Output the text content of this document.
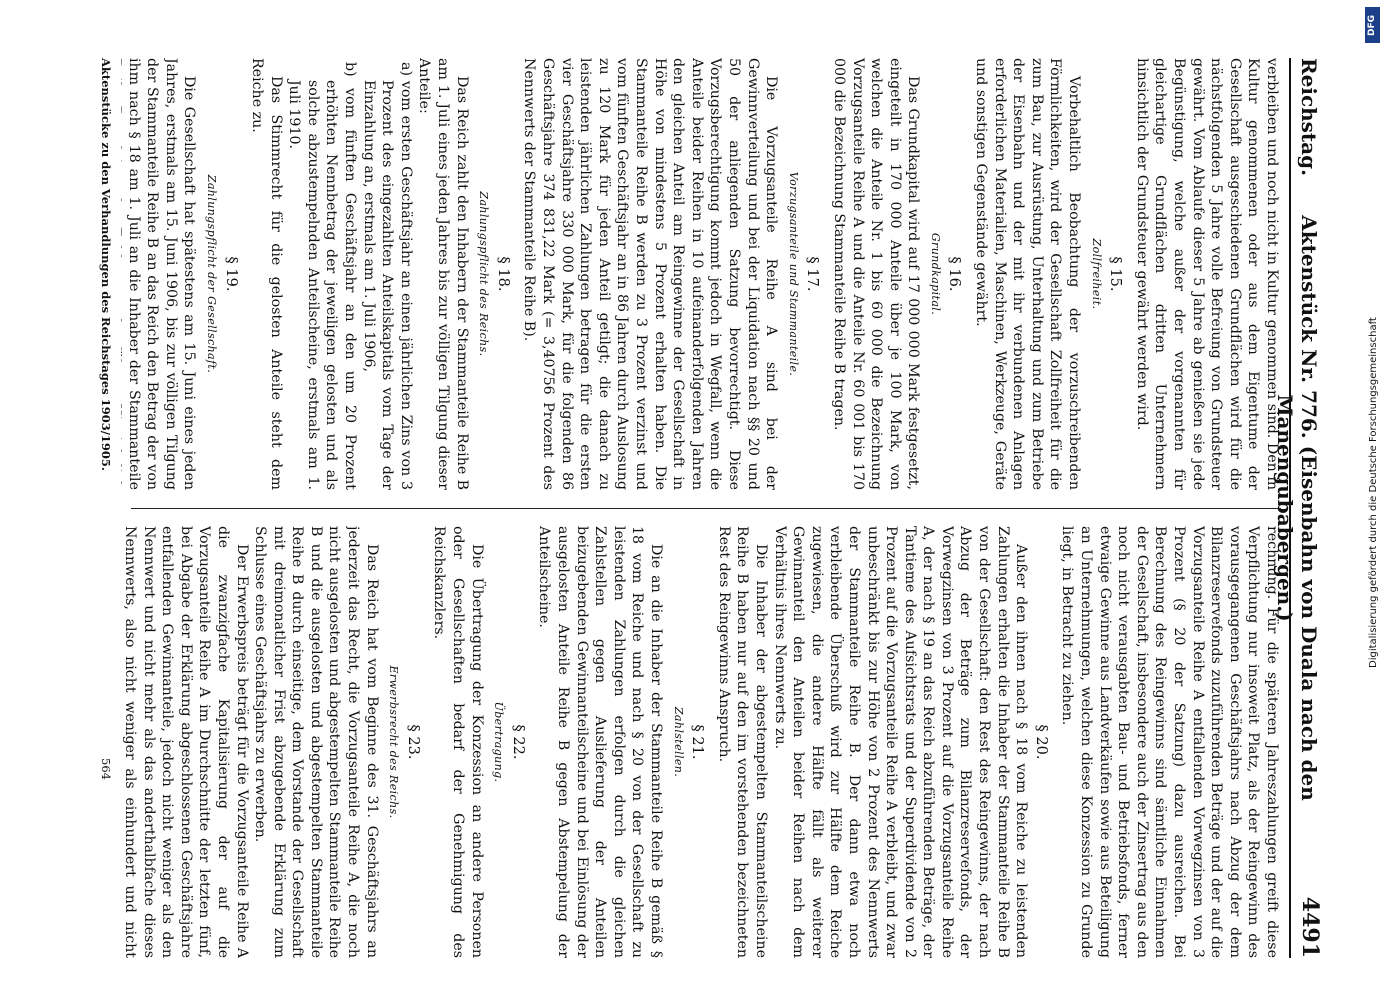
Reichstag.
Aktenstück Nr. 776. (Eisenbahn von Duala nach den Manengubabergen.)
4491

verbleiben und noch nicht in Kultur genommen sind. Den in Kultur genommenen oder aus dem Eigentume der Gesellschaft ausgeschiedenen Grundflächen wird für die nächstfolgenden 5 Jahre volle Befreiung von Grundsteuer gewährt. Vom Ablaufe dieser 5 Jahre ab genießen sie jede Begünstigung, welche außer der vorgenannten für gleichartige Grundflächen dritten Unternehmern hinsichtlich der Grundsteuer gewährt werden wird.

§ 15.
Zollfreiheit.

Vorbehaltlich Beobachtung der vorzuschreibenden Förmlichkeiten, wird der Gesellschaft Zollfreiheit für die zum Bau, zur Ausrüstung, Unterhaltung und zum Betriebe der Eisenbahn und der mit ihr verbundenen Anlagen erforderlichen Materialien, Maschinen, Werkzeuge, Geräte und sonstigen Gegenstände gewährt.

§ 16.
Grundkapital.

Das Grundkapital wird auf 17 000 000 Mark festgesetzt, eingeteilt in 170 000 Anteile über je 100 Mark, von welchen die Anteile Nr. 1 bis 60 000 die Bezeichnung Vorzugsanteile Reihe A und die Anteile Nr. 60 001 bis 170 000 die Bezeichnung Stammanteile Reihe B tragen.

§ 17.
Vorzugsanteile und Stammanteile.

Die Vorzugsanteile Reihe A sind bei der Gewinnverteilung und bei der Liquidation nach §§ 20 und 50 der anliegenden Satzung bevorrechtigt. Diese Vorzugsberechtigung kommt jedoch in Wegfall, wenn die Anteile beider Reihen in 10 aufeinanderfolgenden Jahren den gleichen Anteil am Reingewinne der Gesellschaft in Höhe von mindestens 5 Prozent erhalten haben. Die Stammanteile Reihe B werden zu 3 Prozent verzinst und vom fünften Geschäftsjahr an in 86 Jahren durch Auslosung zu 120 Mark für jeden Anteil getilgt; die danach zu leistenden jährlichen Zahlungen betragen für die ersten vier Geschäftsjahre 330 000 Mark, für die folgenden 86 Geschäftsjahre 374 831,22 Mark (= 3,40756 Prozent des Nennwerts der Stammanteile Reihe B).

§ 18.
Zahlungspflicht des Reichs.

Das Reich zahlt den Inhabern der Stammanteile Reihe B am 1. Juli eines jeden Jahres bis zur völligen Tilgung dieser Anteile:

a) vom ersten Geschäftsjahr an einen jährlichen Zins von 3 Prozent des eingezahlten Anteilskapitals vom Tage der Einzahlung an, erstmals am 1. Juli 1906,

b) vom fünften Geschäftsjahr an den um 20 Prozent erhöhten Nennbetrag der jeweiligen gelosten und als solche abzustempelnden Anteilscheine, erstmals am 1. Juli 1910.

Das Stimmrecht für die gelosten Anteile steht dem Reiche zu.

§ 19.
Zahlungspflicht der Gesellschaft.

Die Gesellschaft hat spätestens am 15. Juni eines jeden Jahres, erstmals am 15. Juni 1906, bis zur völligen Tilgung der Stammanteile Reihe B an das Reich den Betrag der von ihm nach § 18 am 1. Juli an die Inhaber der Stammanteile

rechnung. Für die späteren Jahreszahlungen greift diese Verpflichtung nur insoweit Platz, als der Reingewinn des vorausgegangenen Geschäftsjahrs nach Abzug der dem Bilanzreservefonds zuzuführenden Beträge und der auf die Vorzugsanteile Reihe A entfallenden Vorwegzinsen von 3 Prozent (§ 20 der Satzung) dazu ausreichen. Bei Berechnung des Reingewinns sind sämtliche Einnahmen der Gesellschaft, insbesondere auch der Zinsertrag aus den noch nicht verausgabten Bau- und Betriebsfonds, ferner etwaige Gewinne aus Landverkäufen sowie aus Beteiligung an Unternehmungen, welchen diese Konzession zu Grunde liegt, in Betracht zu ziehen.

§ 20.

Außer den ihnen nach § 18 vom Reiche zu leistenden Zahlungen erhalten die Inhaber der Stammanteile Reihe B von der Gesellschaft: den Rest des Reingewinns, der nach Abzug der Beträge zum Bilanzreservefonds, der Vorwegzinsen von 3 Prozent auf die Vorzugsanteile Reihe A, der nach § 19 an das Reich abzuführenden Beträge, der Tantieme des Aufsichtsrats und der Superdividende von 2 Prozent auf die Vorzugsanteile Reihe A verbleibt, und zwar unbeschränkt bis zur Höhe von 2 Prozent des Nennwerts der Stammanteile Reihe B. Der dann etwa noch verbleibende Überschuß wird zur Hälfte dem Reiche zugewiesen, die andere Hälfte fällt als weiterer Gewinnanteil den Anteilen beider Reihen nach dem Verhältnis ihres Nennwerts zu.

Die Inhaber der abgestempelten Stammanteilscheine Reihe B haben nur auf den im vorstehenden bezeichneten Rest des Reingewinns Anspruch.

§ 21.
Zahlstellen.

Die an die Inhaber der Stammanteile Reihe B gemäß § 18 vom Reiche und nach § 20 von der Gesellschaft zu leistenden Zahlungen erfolgen durch die gleichen Zahlstellen gegen Auslieferung der Anteilen beizugebenden Gewinnanteilscheine und bei Einlösung der ausgelosten Anteile Reihe B gegen Abstempelung der Anteilscheine.

§ 22.
Übertragung.

Die Übertragung der Konzession an andere Personen oder Gesellschaften bedarf der Genehmigung des Reichskanzlers.

§ 23.
Erwerbsrecht des Reichs.

Das Reich hat vom Beginne des 31. Geschäftsjahrs an jederzeit das Recht, die Vorzugsanteile Reihe A, die noch nicht ausgelosten und abgestempelten Stammanteile Reihe B und die ausgelosten und abgestempelten Stammanteile Reihe B durch einseitige, dem Vorstande der Gesellschaft mit dreimonatlicher Frist abzugebende Erklärung zum Schlusse eines Geschäftsjahrs zu erwerben.

Der Erwerbspreis beträgt für die Vorzugsanteile Reihe A die zwanzigfache Kapitalisierung der auf die Vorzugsanteile Reihe A im Durchschnitte der letzten fünf, bei Abgabe der Erklärung abgeschlossenen Geschäftsjahre entfallenden Gewinnanteile, jedoch nicht weniger als den Nennwert und nicht mehr als das anderthalbfache dieses Nennwerts, also nicht weniger als einhundert und nicht

Aktenstücke zu den Verhandlungen des Reichstages 1903/1905.
564
DFG
Digitalisierung gefördert durch die Deutsche Forschungsgemeinschaft
